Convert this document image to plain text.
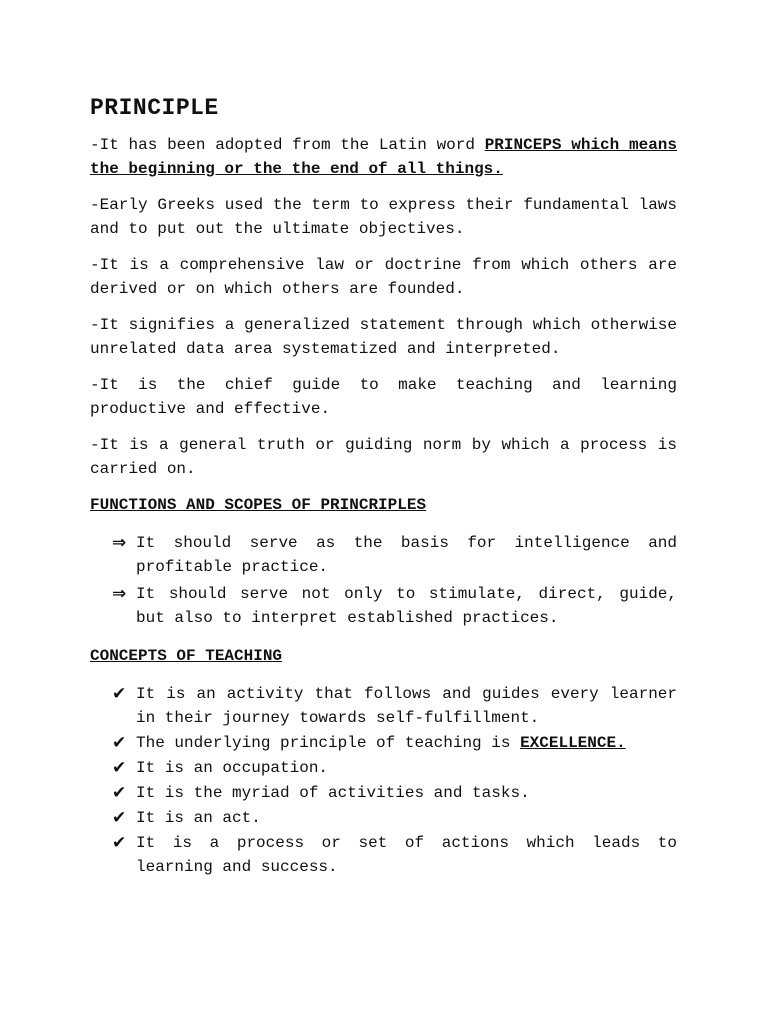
PRINCIPLE
-It has been adopted from the Latin word PRINCEPS which means the beginning or the the end of all things.
-Early Greeks used the term to express their fundamental laws and to put out the ultimate objectives.
-It is a comprehensive law or doctrine from which others are derived or on which others are founded.
-It signifies a generalized statement through which otherwise unrelated data area systematized and interpreted.
-It is the chief guide to make teaching and learning productive and effective.
-It is a general truth or guiding norm by which a process is carried on.
FUNCTIONS AND SCOPES OF PRINCRIPLES
⇒ It should serve as the basis for intelligence and profitable practice.
⇒ It should serve not only to stimulate, direct, guide, but also to interpret established practices.
CONCEPTS OF TEACHING
✔ It is an activity that follows and guides every learner in their journey towards self-fulfillment.
✔ The underlying principle of teaching is EXCELLENCE.
✔ It is an occupation.
✔ It is the myriad of activities and tasks.
✔ It is an act.
✔ It is a process or set of actions which leads to learning and success.
